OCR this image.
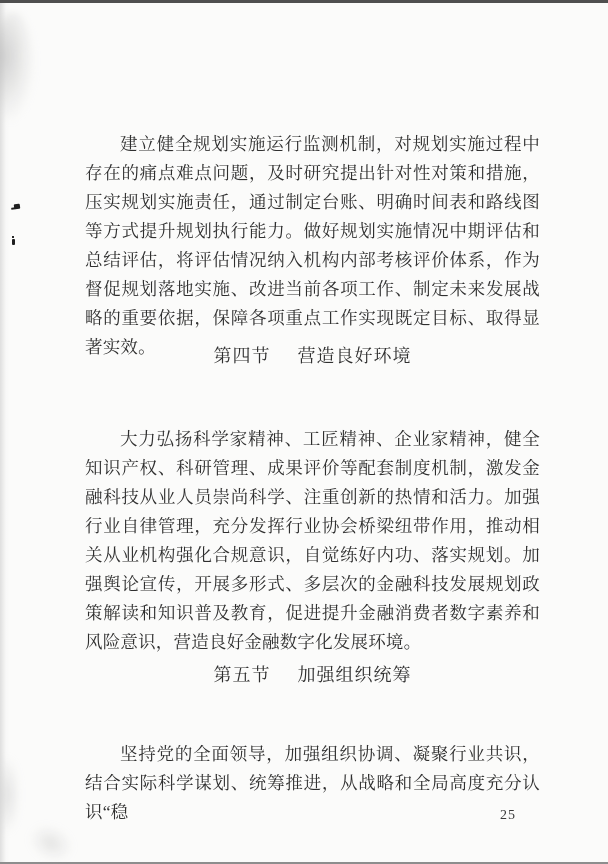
建立健全规划实施运行监测机制，对规划实施过程中存在的痛点难点问题，及时研究提出针对性对策和措施，压实规划实施责任，通过制定台账、明确时间表和路线图等方式提升规划执行能力。做好规划实施情况中期评估和总结评估，将评估情况纳入机构内部考核评价体系，作为督促规划落地实施、改进当前各项工作、制定未来发展战略的重要依据，保障各项重点工作实现既定目标、取得显著实效。	第四节 营造良好环境

大力弘扬科学家精神、工匠精神、企业家精神，健全知识产权、科研管理、成果评价等配套制度机制，激发金融科技从业人员崇尚科学、注重创新的热情和活力。加强行业自律管理，充分发挥行业协会桥梁纽带作用，推动相关从业机构强化合规意识，自觉练好内功、落实规划。加强舆论宣传，开展多形式、多层次的金融科技发展规划政策解读和知识普及教育，促进提升金融消费者数字素养和风险意识，营造良好金融数字化发展环境。

第五节 加强组织统筹

坚持党的全面领导，加强组织协调、凝聚行业共识，结合实际科学谋划、统筹推进，从战略和全局高度充分认识“稳	25
